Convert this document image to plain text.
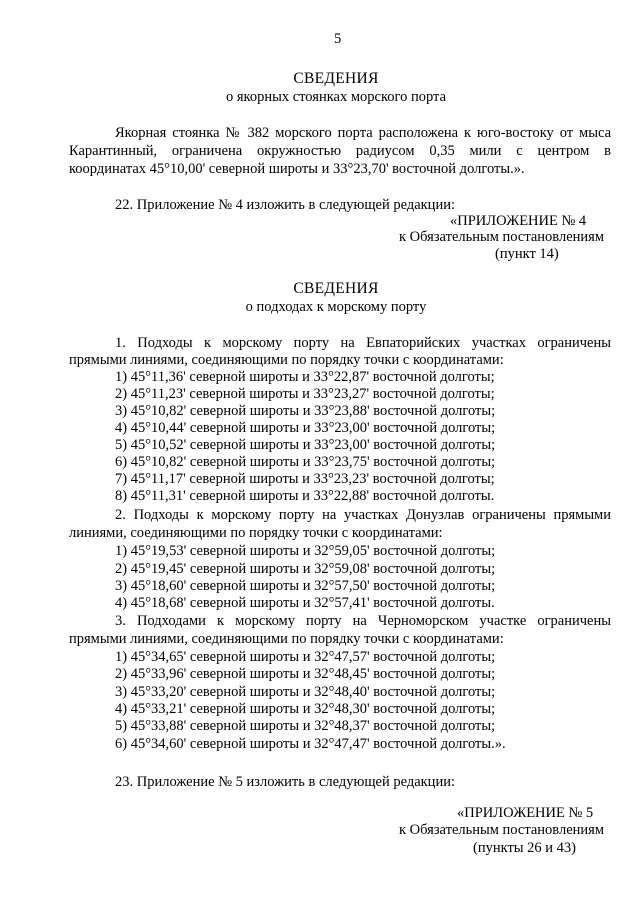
5
СВЕДЕНИЯ
о якорных стоянках морского порта
Якорная стоянка № 382 морского порта расположена к юго-востоку от мыса
Карантинный, ограничена окружностью радиусом 0,35 мили с центром в
координатах 45°10,00' северной широты и 33°23,70' восточной долготы.».
22. Приложение № 4 изложить в следующей редакции:
«ПРИЛОЖЕНИЕ № 4
к Обязательным постановлениям
(пункт 14)
СВЕДЕНИЯ
о подходах к морскому порту
1. Подходы к морскому порту на Евпаторийских участках ограничены
прямыми линиями, соединяющими по порядку точки с координатами:
1) 45°11,36' северной широты и 33°22,87' восточной долготы;
2) 45°11,23' северной широты и 33°23,27' восточной долготы;
3) 45°10,82' северной широты и 33°23,88' восточной долготы;
4) 45°10,44' северной широты и 33°23,00' восточной долготы;
5) 45°10,52' северной широты и 33°23,00' восточной долготы;
6) 45°10,82' северной широты и 33°23,75' восточной долготы;
7) 45°11,17' северной широты и 33°23,23' восточной долготы;
8) 45°11,31' северной широты и 33°22,88' восточной долготы.
2. Подходы к морскому порту на участках Донузлав ограничены прямыми
линиями, соединяющими по порядку точки с координатами:
1) 45°19,53' северной широты и 32°59,05' восточной долготы;
2) 45°19,45' северной широты и 32°59,08' восточной долготы;
3) 45°18,60' северной широты и 32°57,50' восточной долготы;
4) 45°18,68' северной широты и 32°57,41' восточной долготы.
3. Подходами к морскому порту на Черноморском участке ограничены
прямыми линиями, соединяющими по порядку точки с координатами:
1) 45°34,65' северной широты и 32°47,57' восточной долготы;
2) 45°33,96' северной широты и 32°48,45' восточной долготы;
3) 45°33,20' северной широты и 32°48,40' восточной долготы;
4) 45°33,21' северной широты и 32°48,30' восточной долготы;
5) 45°33,88' северной широты и 32°48,37' восточной долготы;
6) 45°34,60' северной широты и 32°47,47' восточной долготы.».
23. Приложение № 5 изложить в следующей редакции:
«ПРИЛОЖЕНИЕ № 5
к Обязательным постановлениям
(пункты 26 и 43)
